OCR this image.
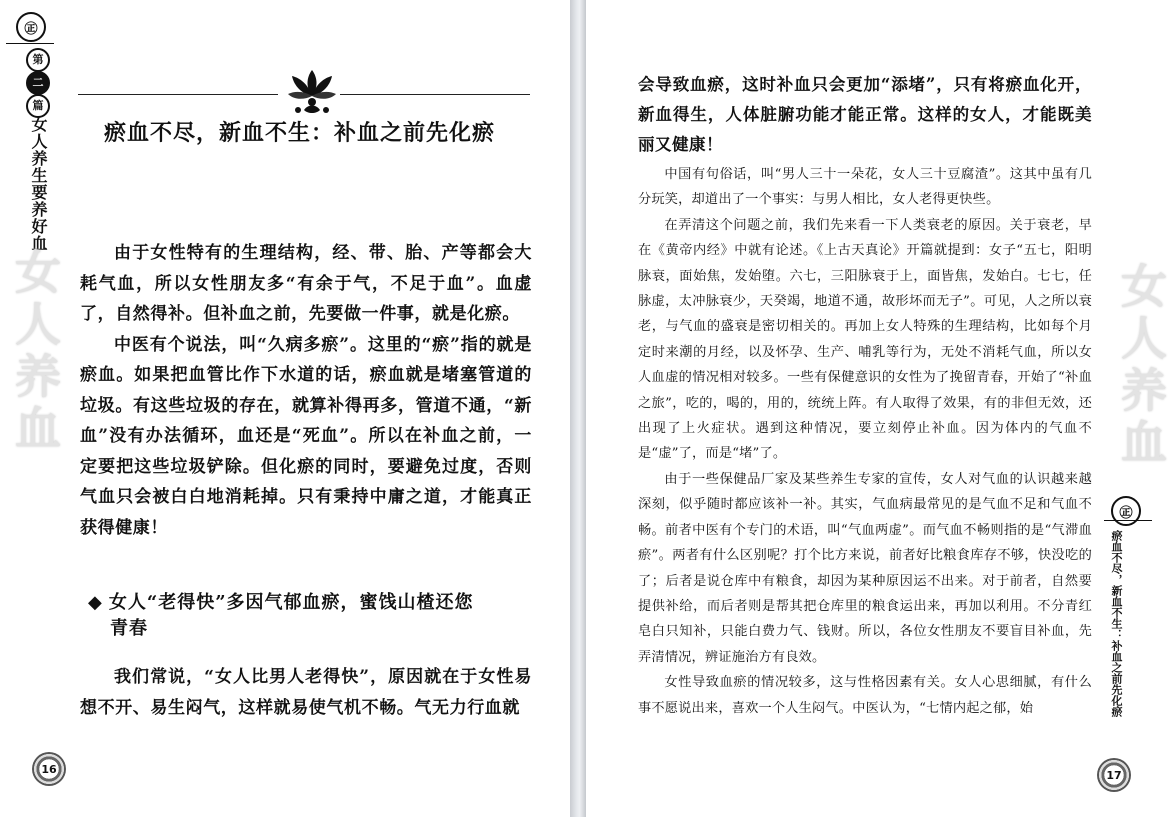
㊣
第
二
篇
女人养生要养好血
女人养血
瘀血不尽，新血不生：补血之前先化瘀

由于女性特有的生理结构，经、带、胎、产等都会大耗气血，所以女性朋友多“有余于气，不足于血”。血虚了，自然得补。但补血之前，先要做一件事，就是化瘀。

中医有个说法，叫“久病多瘀”。这里的“瘀”指的就是瘀血。如果把血管比作下水道的话，瘀血就是堵塞管道的垃圾。有这些垃圾的存在，就算补得再多，管道不通，“新血”没有办法循环，血还是“死血”。所以在补血之前，一定要把这些垃圾铲除。但化瘀的同时，要避免过度，否则气血只会被白白地消耗掉。只有秉持中庸之道，才能真正获得健康！

◆ 女人“老得快”多因气郁血瘀，蜜饯山楂还您
青春

我们常说，“女人比男人老得快”，原因就在于女性易想不开、易生闷气，这样就易使气机不畅。气无力行血就

16
女人养血

会导致血瘀，这时补血只会更加“添堵”，只有将瘀血化开，新血得生，人体脏腑功能才能正常。这样的女人，才能既美丽又健康！

中国有句俗话，叫“男人三十一朵花，女人三十豆腐渣”。这其中虽有几分玩笑，却道出了一个事实：与男人相比，女人老得更快些。

在弄清这个问题之前，我们先来看一下人类衰老的原因。关于衰老，早在《黄帝内经》中就有论述。《上古天真论》开篇就提到：女子“五七，阳明脉衰，面始焦，发始堕。六七，三阳脉衰于上，面皆焦，发始白。七七，任脉虚，太冲脉衰少，天癸竭，地道不通，故形坏而无子”。可见，人之所以衰老，与气血的盛衰是密切相关的。再加上女人特殊的生理结构，比如每个月定时来潮的月经，以及怀孕、生产、哺乳等行为，无处不消耗气血，所以女人血虚的情况相对较多。一些有保健意识的女性为了挽留青春，开始了“补血之旅”，吃的，喝的，用的，统统上阵。有人取得了效果，有的非但无效，还出现了上火症状。遇到这种情况，要立刻停止补血。因为体内的气血不是“虚”了，而是“堵”了。

由于一些保健品厂家及某些养生专家的宣传，女人对气血的认识越来越深刻，似乎随时都应该补一补。其实，气血病最常见的是气血不足和气血不畅。前者中医有个专门的术语，叫“气血两虚”。而气血不畅则指的是“气滞血瘀”。两者有什么区别呢？打个比方来说，前者好比粮食库存不够，快没吃的了；后者是说仓库中有粮食，却因为某种原因运不出来。对于前者，自然要提供补给，而后者则是帮其把仓库里的粮食运出来，再加以利用。不分青红皂白只知补，只能白费力气、钱财。所以，各位女性朋友不要盲目补血，先弄清情况，辨证施治方有良效。

女性导致血瘀的情况较多，这与性格因素有关。女人心思细腻，有什么事不愿说出来，喜欢一个人生闷气。中医认为，“七情内起之郁，始

㊣
瘀血不尽，新血不生：补血之前先化瘀
17
